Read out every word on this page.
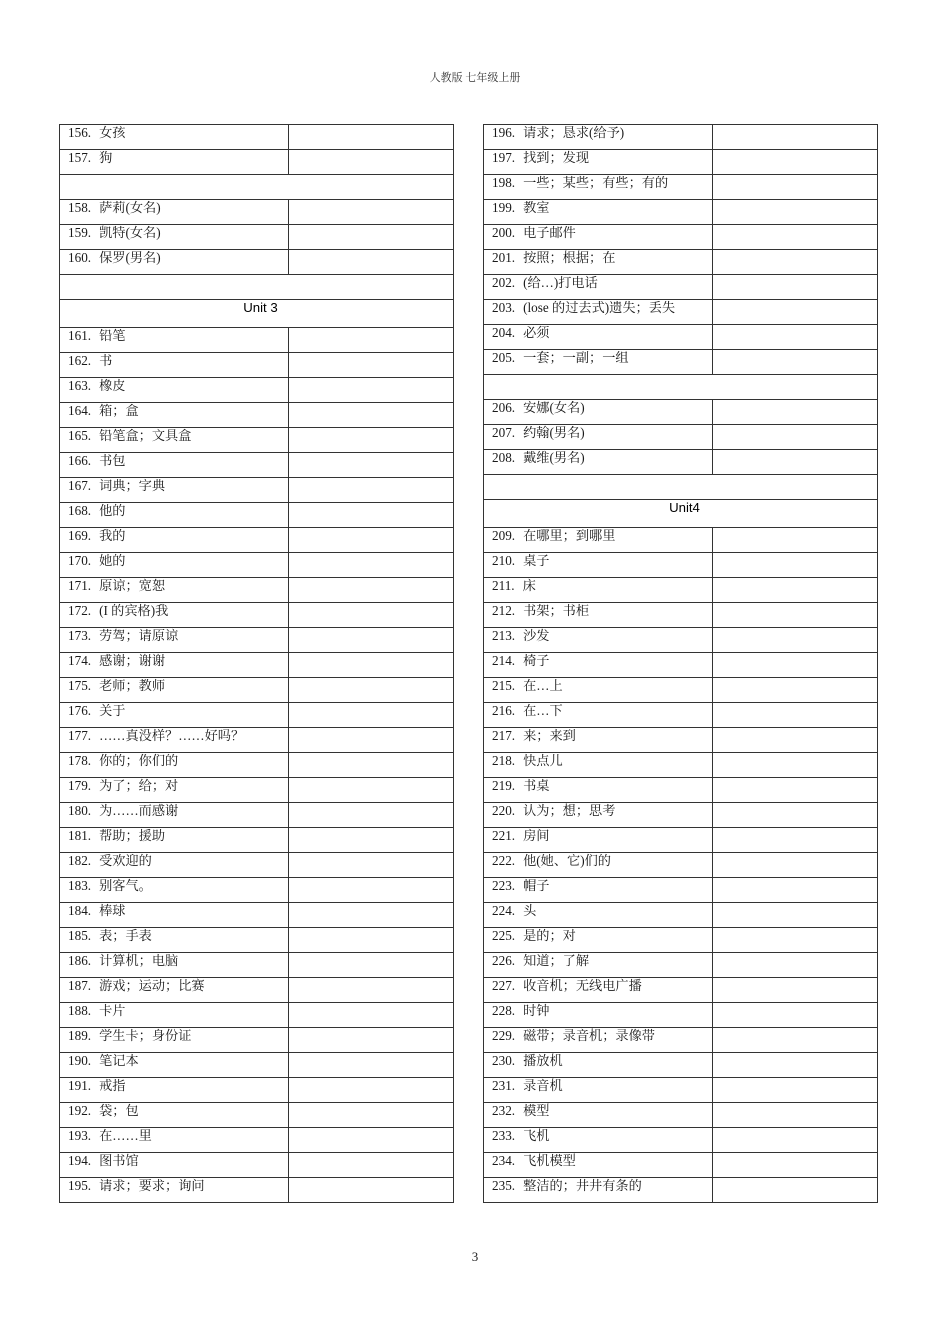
人教版 七年级上册
156. 女孩	
157. 狗	

158. 萨莉(女名)	
159. 凯特(女名)	
160. 保罗(男名)	

Unit 3	
161. 铅笔	
162. 书	
163. 橡皮	
164. 箱；盒	
165. 铅笔盒；文具盒	
166. 书包	
167. 词典；字典	
168. 他的	
169. 我的	
170. 她的	
171. 原谅；宽恕	
172. (I 的宾格)我	
173. 劳驾；请原谅	
174. 感谢；谢谢	
175. 老师；教师	
176. 关于	
177. ……真没样？……好吗？	
178. 你的；你们的	
179. 为了；给；对	
180. 为……而感谢	
181. 帮助；援助	
182. 受欢迎的	
183. 别客气。	
184. 棒球	
185. 表；手表	
186. 计算机；电脑	
187. 游戏；运动；比赛	
188. 卡片	
189. 学生卡；身份证	
190. 笔记本	
191. 戒指	
192. 袋；包	
193. 在……里	
194. 图书馆	
195. 请求；要求；询问	
196. 请求；恳求(给予)	
197. 找到；发现	
198. 一些；某些；有些；有的	
199. 教室	
200. 电子邮件	
201. 按照；根据；在	
202. (给…)打电话	
203. (lose 的过去式)遗失；丢失	
204. 必须	
205. 一套；一副；一组	

206. 安娜(女名)	
207. 约翰(男名)	
208. 戴维(男名)	

Unit4	
209. 在哪里；到哪里	
210. 桌子	
211. 床	
212. 书架；书柜	
213. 沙发	
214. 椅子	
215. 在…上	
216. 在…下	
217. 来；来到	
218. 快点儿	
219. 书桌	
220. 认为；想；思考	
221. 房间	
222. 他(她、它)们的	
223. 帽子	
224. 头	
225. 是的；对	
226. 知道；了解	
227. 收音机；无线电广播	
228. 时钟	
229. 磁带；录音机；录像带	
230. 播放机	
231. 录音机	
232. 模型	
233. 飞机	
234. 飞机模型	
235. 整洁的；井井有条的	
3
